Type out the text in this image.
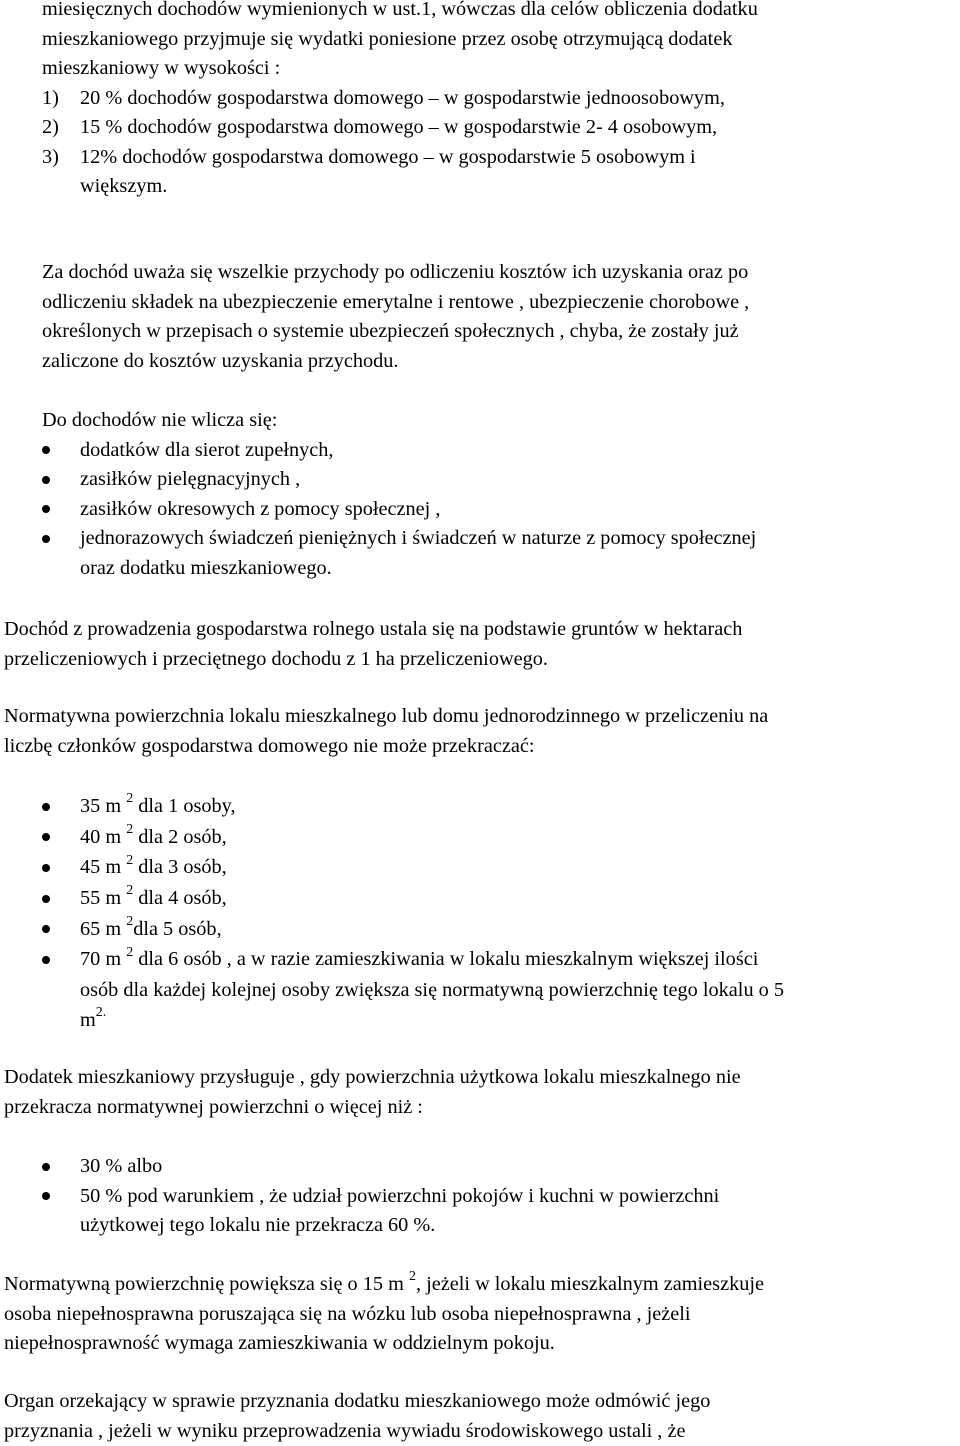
miesięcznych dochodów wymienionych w ust.1, wówczas dla celów obliczenia dodatku
mieszkaniowego przyjmuje się wydatki poniesione przez osobę otrzymującą dodatek
mieszkaniowy w wysokości :
1) 20 % dochodów gospodarstwa domowego – w gospodarstwie jednoosobowym,
2) 15 % dochodów gospodarstwa domowego – w gospodarstwie 2- 4 osobowym,
3) 12% dochodów gospodarstwa domowego – w gospodarstwie 5 osobowym i
większym.
Za dochód uważa się wszelkie przychody po odliczeniu kosztów ich uzyskania oraz po
odliczeniu składek na ubezpieczenie emerytalne i rentowe , ubezpieczenie chorobowe ,
określonych w przepisach o systemie ubezpieczeń społecznych , chyba, że zostały już
zaliczone do kosztów uzyskania przychodu.
Do dochodów nie wlicza się:
dodatków dla sierot zupełnych,
zasiłków pielęgnacyjnych ,
zasiłków okresowych z pomocy społecznej ,
jednorazowych świadczeń pieniężnych i świadczeń w naturze z pomocy społecznej
oraz dodatku mieszkaniowego.
Dochód z prowadzenia gospodarstwa rolnego ustala się na podstawie gruntów w hektarach
przeliczeniowych i przeciętnego dochodu z 1 ha przeliczeniowego.
Normatywna powierzchnia lokalu mieszkalnego lub domu jednorodzinnego w przeliczeniu na
liczbę członków gospodarstwa domowego nie może przekraczać:
35 m $^2$ dla 1 osoby,
40 m $^2$ dla 2 osób,
45 m $^2$ dla 3 osób,
55 m $^2$ dla 4 osób,
65 m $^2$dla 5 osób,
70 m $^2$ dla 6 osób , a w razie zamieszkiwania w lokalu mieszkalnym większej ilości
osób dla każdej kolejnej osoby zwiększa się normatywną powierzchnię tego lokalu o 5
$m^{2.}$
Dodatek mieszkaniowy przysługuje , gdy powierzchnia użytkowa lokalu mieszkalnego nie
przekracza normatywnej powierzchni o więcej niż :
30 % albo
50 % pod warunkiem , że udział powierzchni pokojów i kuchni w powierzchni
użytkowej tego lokalu nie przekracza 60 %.
Normatywną powierzchnię powiększa się o 15 m $^2$, jeżeli w lokalu mieszkalnym zamieszkuje
osoba niepełnosprawna poruszająca się na wózku lub osoba niepełnosprawna , jeżeli
niepełnosprawność wymaga zamieszkiwania w oddzielnym pokoju.
Organ orzekający w sprawie przyznania dodatku mieszkaniowego może odmówić jego
przyznania , jeżeli w wyniku przeprowadzenia wywiadu środowiskowego ustali , że
